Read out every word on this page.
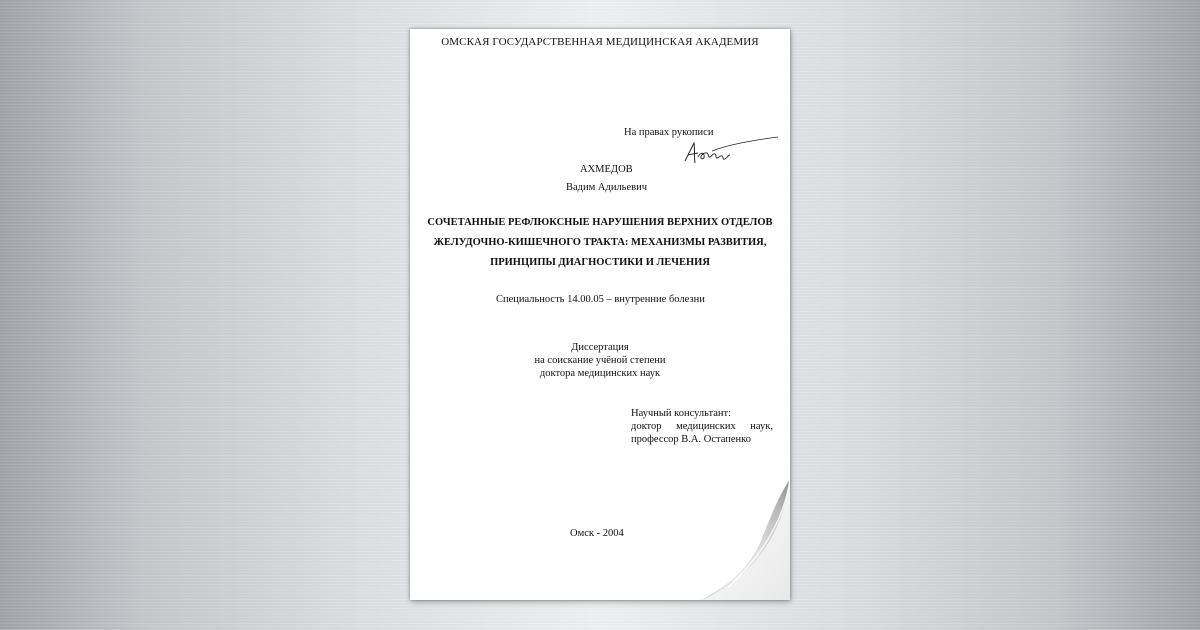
ОМСКАЯ ГОСУДАРСТВЕННАЯ МЕДИЦИНСКАЯ АКАДЕМИЯ
На правах рукописи
АХМЕДОВ
Вадим Адильевич
СОЧЕТАННЫЕ РЕФЛЮКСНЫЕ НАРУШЕНИЯ ВЕРХНИХ ОТДЕЛОВ
ЖЕЛУДОЧНО-КИШЕЧНОГО ТРАКТА: МЕХАНИЗМЫ РАЗВИТИЯ,
ПРИНЦИПЫ ДИАГНОСТИКИ И ЛЕЧЕНИЯ
Специальность 14.00.05 – внутренние болезни
Диссертация
на соискание учёной степени
доктора медицинских наук
Научный консультант:
доктор медицинских наук,
профессор В.А. Остапенко
Омск - 2004
